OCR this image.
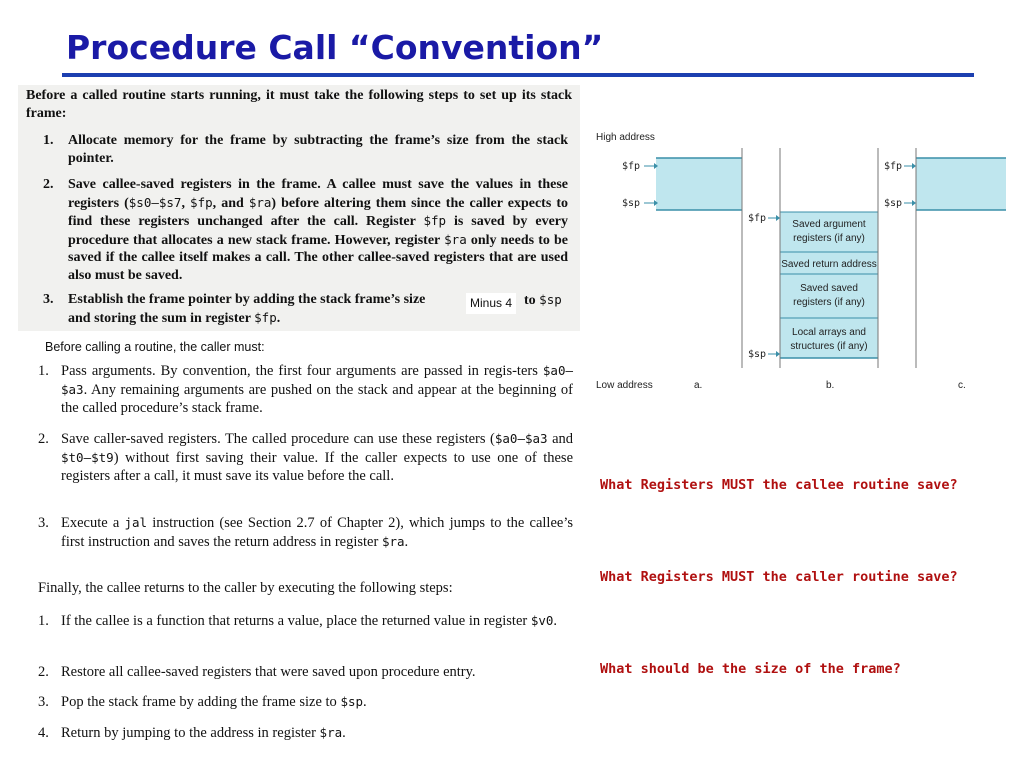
Procedure Call “Convention”
Before a called routine starts running, it must take the following steps to set up its stack frame:
1. Allocate memory for the frame by subtracting the frame’s size from the stack pointer.
2. Save callee-saved registers in the frame. A callee must save the values in these registers ($s0–$s7, $fp, and $ra) before altering them since the caller expects to find these registers unchanged after the call. Register $fp is saved by every procedure that allocates a new stack frame. However, register $ra only needs to be saved if the callee itself makes a call. The other callee-saved registers that are used also must be saved.
3. Establish the frame pointer by adding the stack frame’s size	to $sp
and storing the sum in register $fp.
Minus 4
Before calling a routine, the caller must:
1. Pass arguments. By convention, the first four arguments are passed in regis-ters $a0–$a3. Any remaining arguments are pushed on the stack and appear at the beginning of the called procedure’s stack frame.
2. Save caller-saved registers. The called procedure can use these registers ($a0–$a3 and $t0–$t9) without first saving their value. If the caller expects to use one of these registers after a call, it must save its value before the call.
3. Execute a jal instruction (see Section 2.7 of Chapter 2), which jumps to the callee’s first instruction and saves the return address in register $ra.
Finally, the callee returns to the caller by executing the following steps:
1. If the callee is a function that returns a value, place the returned value in register $v0.
2. Restore all callee-saved registers that were saved upon procedure entry.
3. Pop the stack frame by adding the frame size to $sp.
4. Return by jumping to the address in register $ra.
High address
Low address
$fp
$sp
$fp
$sp
$fp
$sp
Saved argument
registers (if any)
Saved return address
Saved saved
registers (if any)
Local arrays and
structures (if any)
a.	b.	c.
What Registers MUST the callee routine save?
What Registers MUST the caller routine save?
What should be the size of the frame?
